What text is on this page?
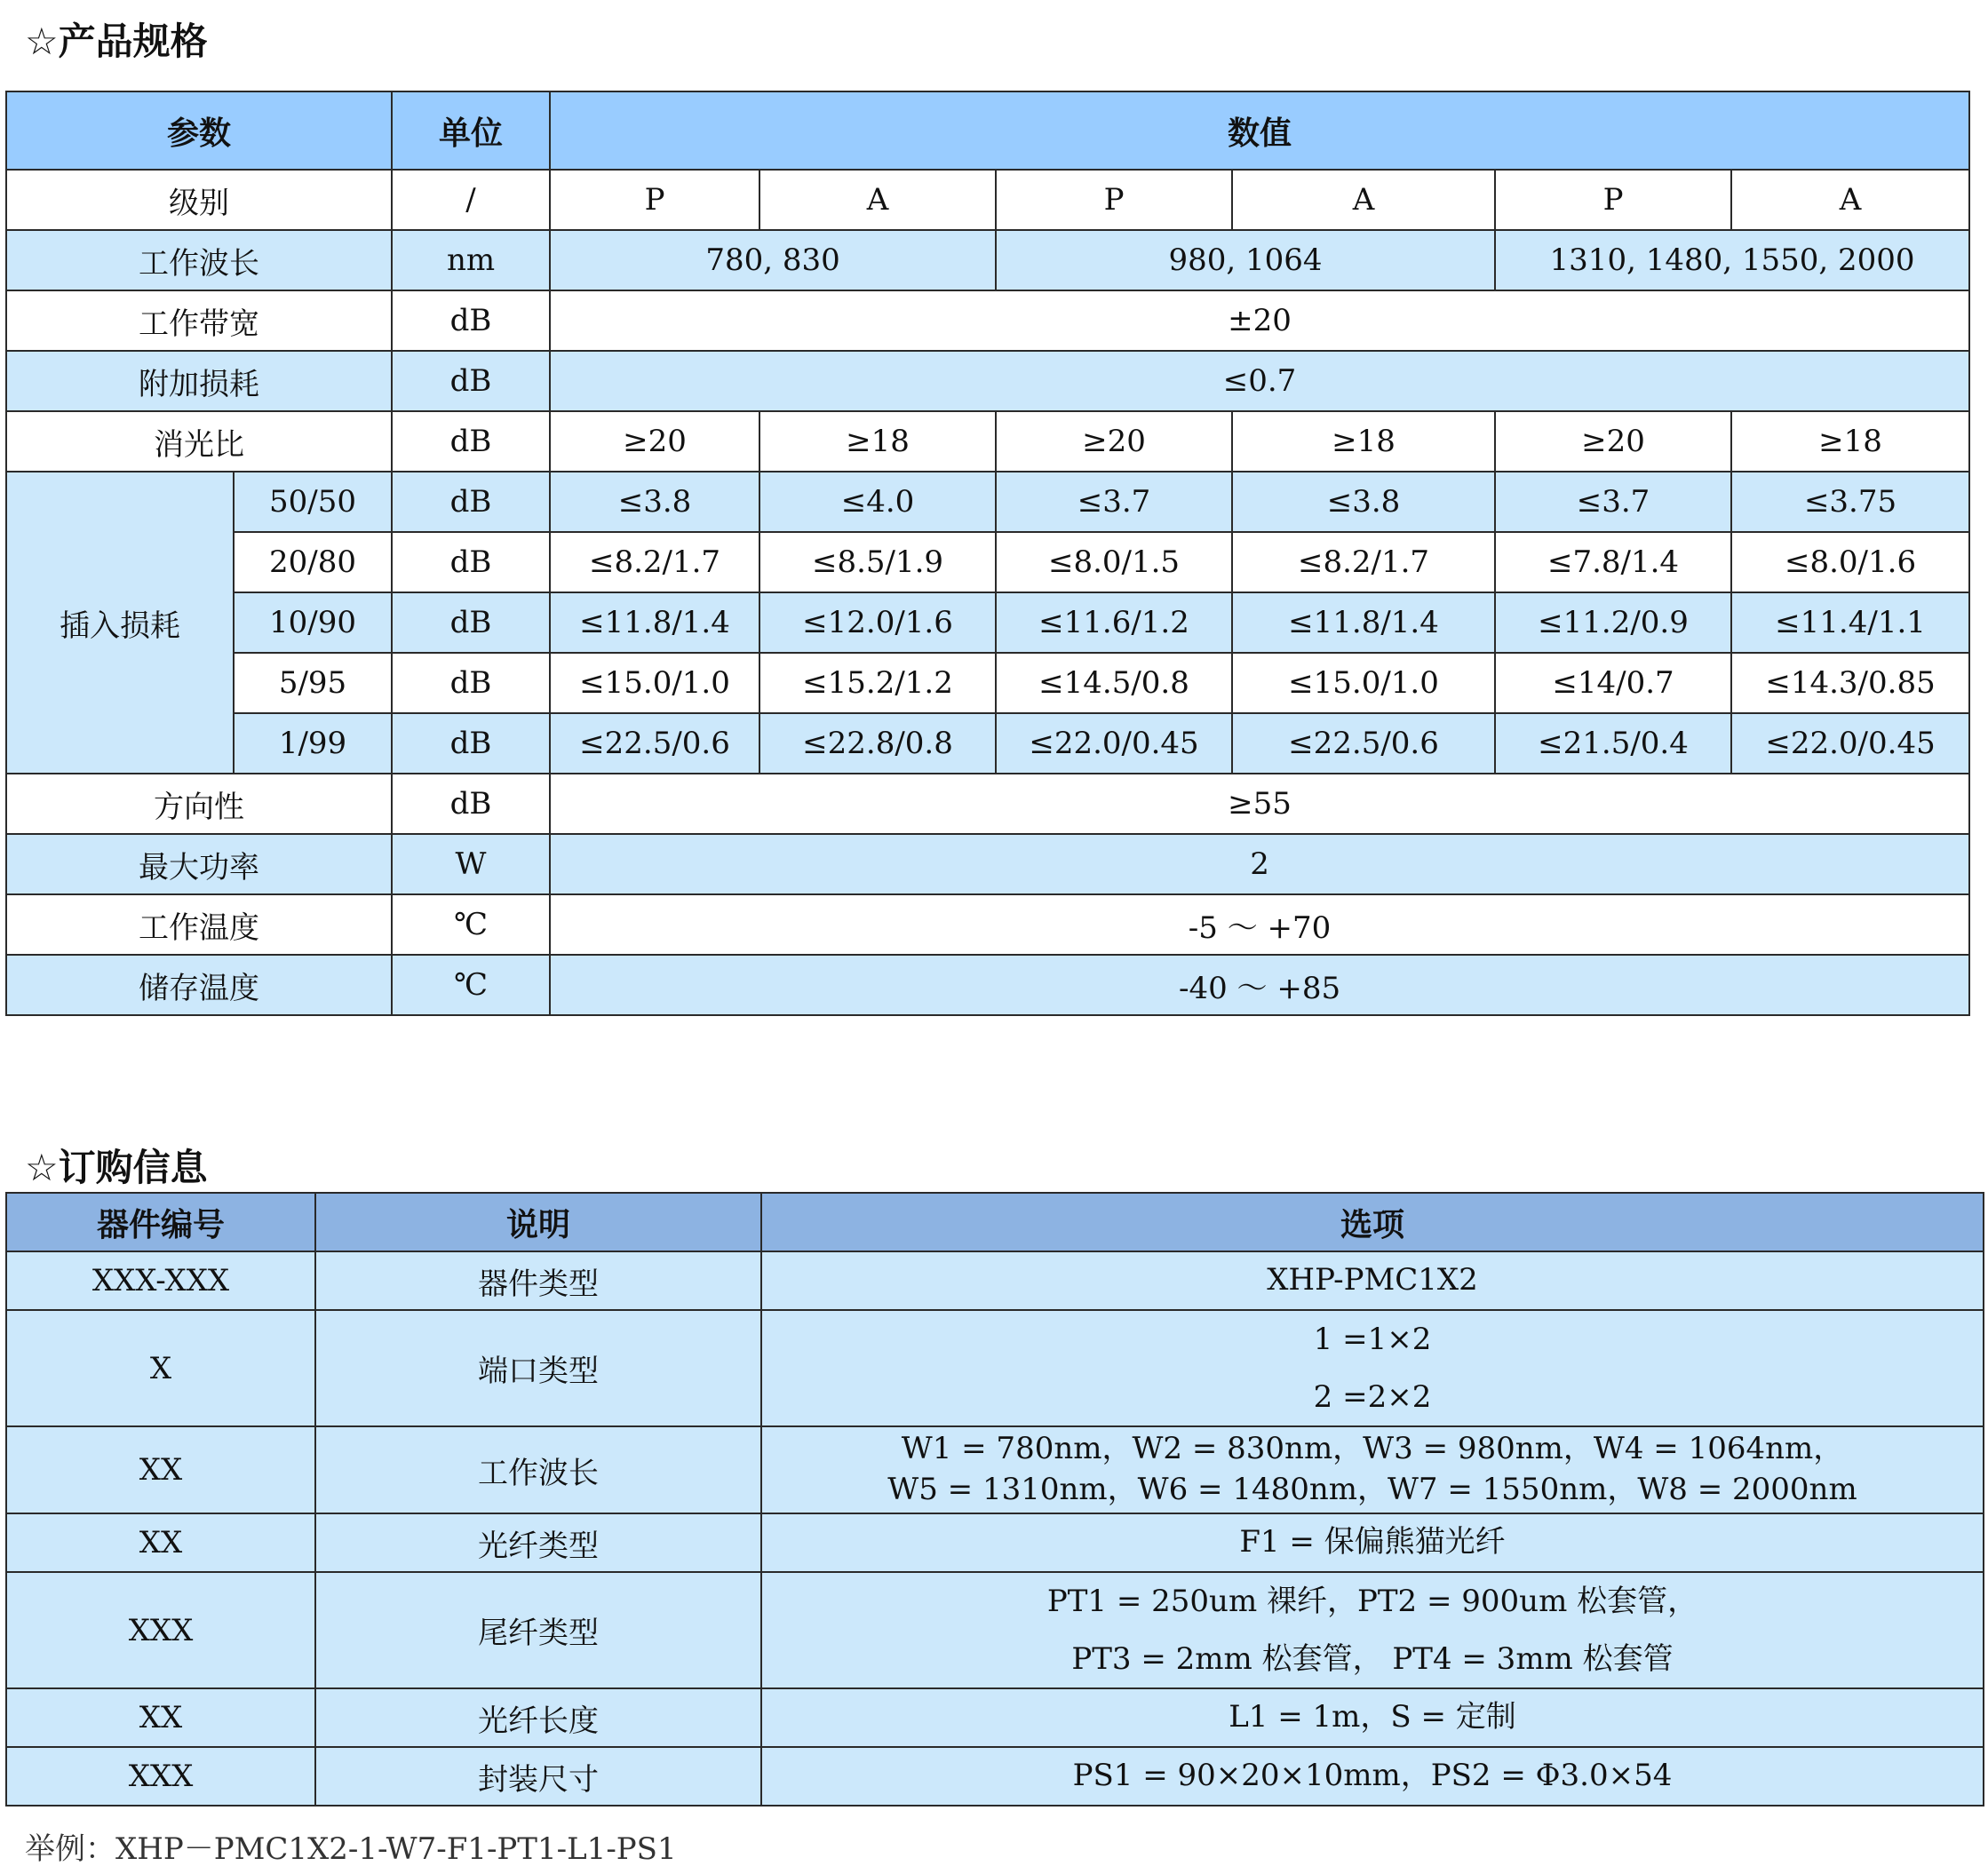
☆产品规格
参数		单位	数值					
级别		/	P	A	P	A	P	A
工作波长		nm	780, 830		980, 1064		1310, 1480, 1550, 2000	
工作带宽		dB	±20					
附加损耗		dB	≤0.7					
消光比		dB	≥20	≥18	≥20	≥18	≥20	≥18
插入损耗	50/50	dB	≤3.8	≤4.0	≤3.7	≤3.8	≤3.7	≤3.75
	20/80	dB	≤8.2/1.7	≤8.5/1.9	≤8.0/1.5	≤8.2/1.7	≤7.8/1.4	≤8.0/1.6
	10/90	dB	≤11.8/1.4	≤12.0/1.6	≤11.6/1.2	≤11.8/1.4	≤11.2/0.9	≤11.4/1.1
	5/95	dB	≤15.0/1.0	≤15.2/1.2	≤14.5/0.8	≤15.0/1.0	≤14/0.7	≤14.3/0.85
	1/99	dB	≤22.5/0.6	≤22.8/0.8	≤22.0/0.45	≤22.5/0.6	≤21.5/0.4	≤22.0/0.45
方向性		dB	≥55					
最大功率		W	2					
工作温度		℃	-5 ～ +70					
储存温度		℃	-40 ～ +85					
☆订购信息
器件编号	说明	选项
XXX-XXX	器件类型	XHP-PMC1X2

X	端口类型	1 =1×2
2 =2×2

XX	工作波长	W1 = 780nm，W2 = 830nm，W3 = 980nm，W4 = 1064nm，
W5 = 1310nm，W6 = 1480nm，W7 = 1550nm，W8 = 2000nm

XX	光纤类型	F1 = 保偏熊猫光纤

XXX	尾纤类型	PT1 = 250um 裸纤，PT2 = 900um 松套管，
PT3 = 2mm 松套管， PT4 = 3mm 松套管

XX	光纤长度	L1 = 1m，S = 定制

XXX	封装尺寸	PS1 = 90×20×10mm，PS2 = Φ3.0×54
举例：XHP－PMC1X2-1-W7-F1-PT1-L1-PS1
